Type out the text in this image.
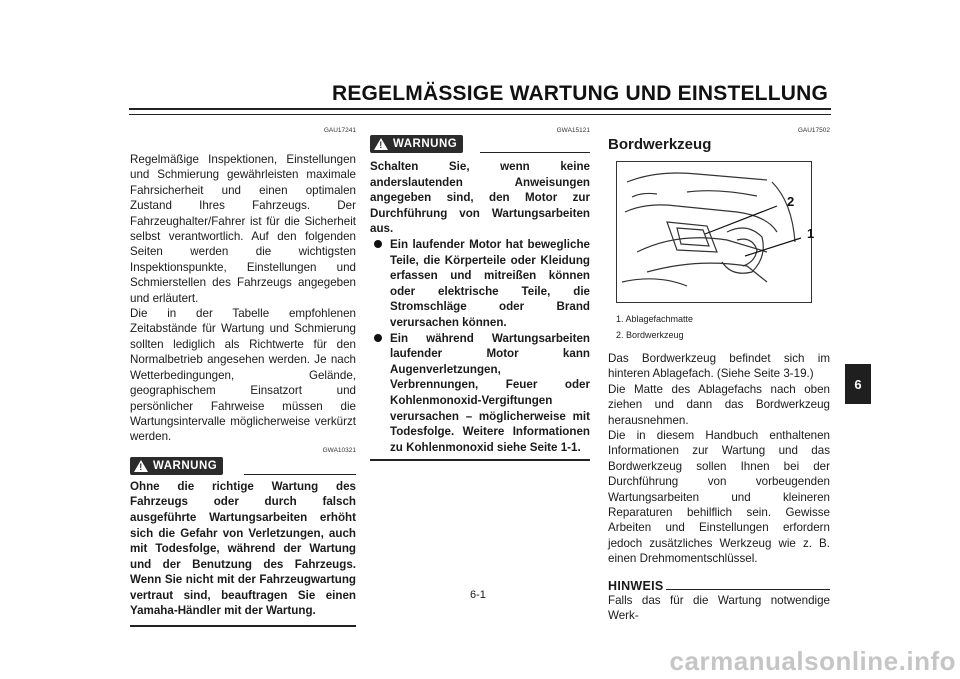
REGELMÄSSIGE WARTUNG UND EINSTELLUNG
GAU17241

Regelmäßige Inspektionen, Einstellungen und Schmierung gewährleisten maximale Fahrsicherheit und einen optimalen Zustand Ihres Fahrzeugs. Der Fahrzeughalter/Fahrer ist für die Sicherheit selbst verantwortlich. Auf den folgenden Seiten werden die wichtigsten Inspektionspunkte, Einstellungen und Schmierstellen des Fahrzeugs angegeben und erläutert.

Die in der Tabelle empfohlenen Zeitabstände für Wartung und Schmierung sollten lediglich als Richtwerte für den Normalbetrieb angesehen werden. Je nach Wetterbedingungen, Gelände, geographischem Einsatzort und persönlicher Fahrweise müssen die Wartungsintervalle möglicherweise verkürzt werden.

GWA10321
! WARNUNG

Ohne die richtige Wartung des Fahrzeugs oder durch falsch ausgeführte Wartungsarbeiten erhöht sich die Gefahr von Verletzungen, auch mit Todesfolge, während der Wartung und der Benutzung des Fahrzeugs. Wenn Sie nicht mit der Fahrzeugwartung vertraut sind, beauftragen Sie einen Yamaha-Händler mit der Wartung.

GWA15121
! WARNUNG

Schalten Sie, wenn keine anderslautenden Anweisungen angegeben sind, den Motor zur Durchführung von Wartungsarbeiten aus.

Ein laufender Motor hat bewegliche Teile, die Körperteile oder Kleidung erfassen und mitreißen können oder elektrische Teile, die Stromschläge oder Brand verursachen können.
Ein während Wartungsarbeiten laufender Motor kann Augenverletzungen, Verbrennungen, Feuer oder Kohlenmonoxid-Vergiftungen verursachen – möglicherweise mit Todesfolge. Weitere Informationen zu Kohlenmonoxid siehe Seite 1-1.
GAU17502
Bordwerkzeug
2
1
1. Ablagefachmatte
2. Bordwerkzeug

Das Bordwerkzeug befindet sich im hinteren Ablagefach. (Siehe Seite 3-19.)

Die Matte des Ablagefachs nach oben ziehen und dann das Bordwerkzeug herausnehmen.

Die in diesem Handbuch enthaltenen Informationen zur Wartung und das Bordwerkzeug sollen Ihnen bei der Durchführung von vorbeugenden Wartungsarbeiten und kleineren Reparaturen behilflich sein. Gewisse Arbeiten und Einstellungen erfordern jedoch zusätzliches Werkzeug wie z. B. einen Drehmomentschlüssel.

HINWEIS

Falls das für die Wartung notwendige Werk-

6
6-1
carmanualsonline.info
